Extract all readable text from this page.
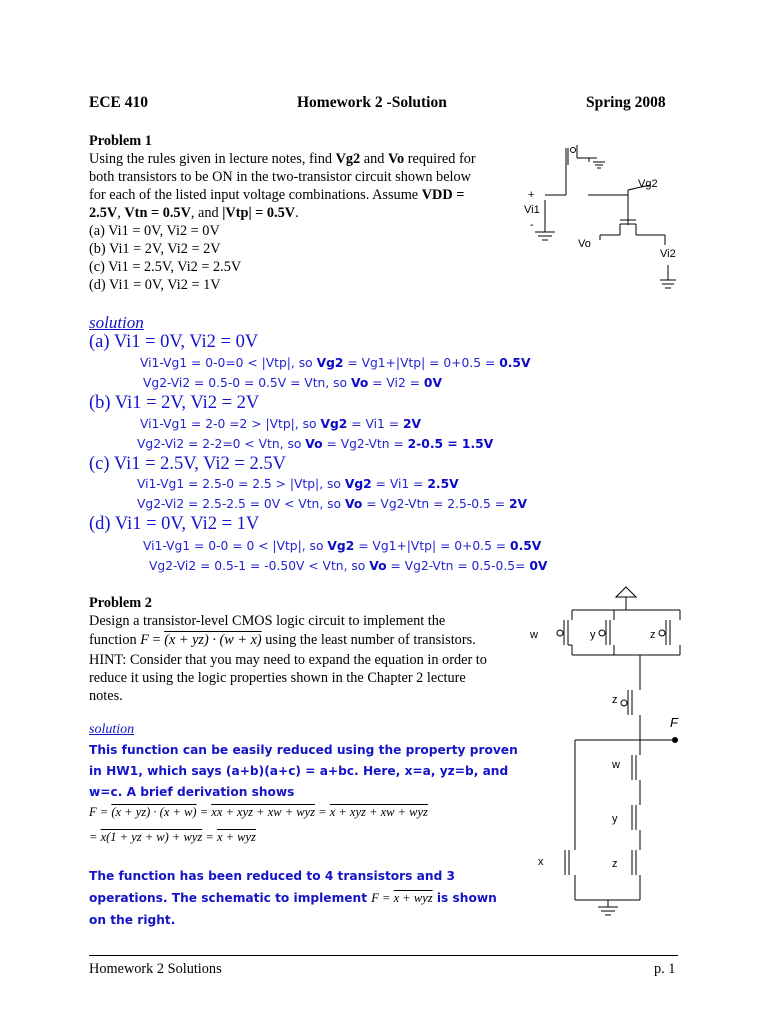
ECE 410	Homework 2 -Solution	Spring 2008
Problem 1
Using the rules given in lecture notes, find Vg2 and Vo required for
both transistors to be ON in the two-transistor circuit shown below
for each of the listed input voltage combinations. Assume VDD =
2.5V, Vtn = 0.5V, and |Vtp| = 0.5V.
(a) Vi1 = 0V, Vi2 = 0V
(b) Vi1 = 2V, Vi2 = 2V
(c) Vi1 = 2.5V, Vi2 = 2.5V
(d) Vi1 = 0V, Vi2 = 1V
Vg2
+
Vi1
-
Vo
Vi2
solution
(a) Vi1 = 0V, Vi2 = 0V
Vi1-Vg1 = 0-0=0 < |Vtp|, so Vg2 = Vg1+|Vtp| = 0+0.5 = 0.5V
Vg2-Vi2 = 0.5-0 = 0.5V = Vtn, so Vo = Vi2 = 0V
(b) Vi1 = 2V, Vi2 = 2V
Vi1-Vg1 = 2-0 =2 > |Vtp|, so Vg2 = Vi1 = 2V
Vg2-Vi2 = 2-2=0 < Vtn, so Vo = Vg2-Vtn = 2-0.5 = 1.5V
(c) Vi1 = 2.5V, Vi2 = 2.5V
Vi1-Vg1 = 2.5-0 = 2.5 > |Vtp|, so Vg2 = Vi1 = 2.5V
Vg2-Vi2 = 2.5-2.5 = 0V < Vtn, so Vo = Vg2-Vtn = 2.5-0.5 = 2V
(d) Vi1 = 0V, Vi2 = 1V
Vi1-Vg1 = 0-0 = 0 < |Vtp|, so Vg2 = Vg1+|Vtp| = 0+0.5 = 0.5V
Vg2-Vi2 = 0.5-1 = -0.50V < Vtn, so Vo = Vg2-Vtn = 0.5-0.5= 0V
Problem 2
Design a transistor-level CMOS logic circuit to implement the
function F = (x + yz) · (w + x) using the least number of transistors.
HINT: Consider that you may need to expand the equation in order to
reduce it using the logic properties shown in the Chapter 2 lecture
notes.
w	y	z
z
F
w
y
x	z
solution
This function can be easily reduced using the property proven
in HW1, which says (a+b)(a+c) = a+bc. Here, x=a, yz=b, and
w=c. A brief derivation shows
F = (x + yz) · (x + w) = xx + xyz + xw + wyz = x + xyz + xw + wyz
= x(1 + yz + w) + wyz = x + wyz
The function has been reduced to 4 transistors and 3
operations. The schematic to implement F = x + wyz is shown
on the right.
Homework 2 Solutions	p. 1
